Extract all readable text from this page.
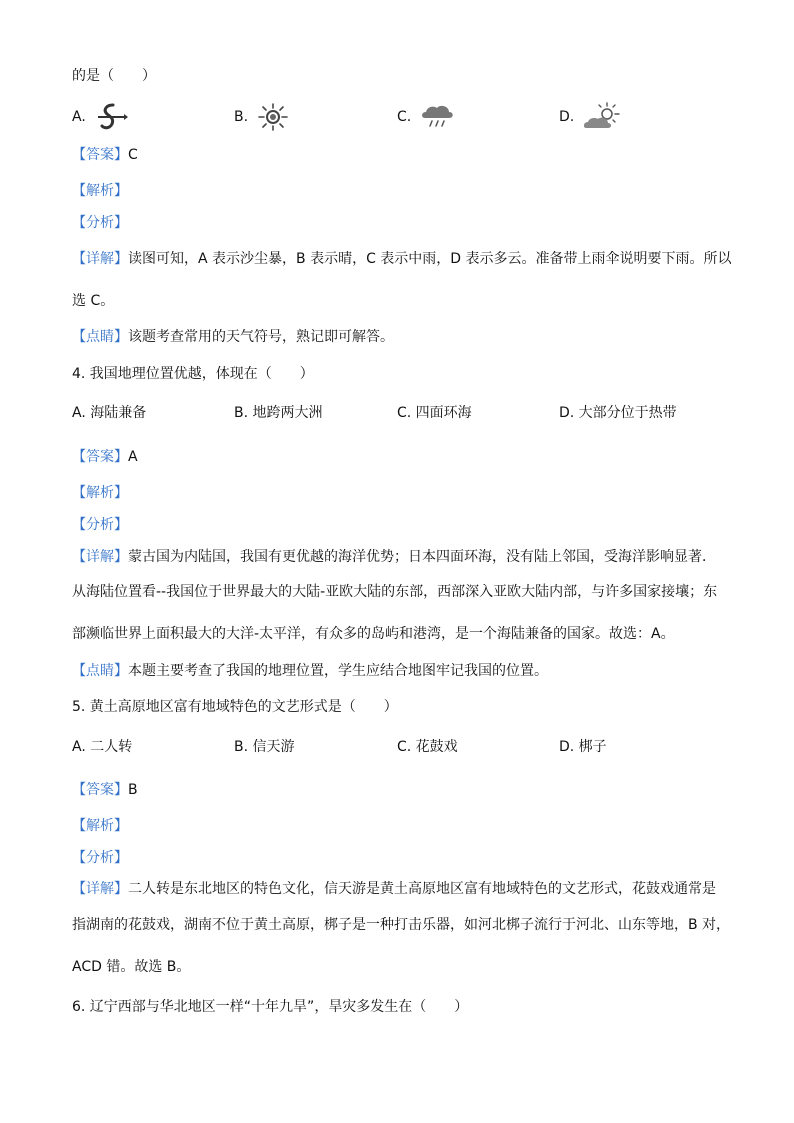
的是（　　）
A.	B.	C.	D.
【答案】C
【解析】
【分析】
【详解】读图可知，A 表示沙尘暴，B 表示晴，C 表示中雨，D 表示多云。准备带上雨伞说明要下雨。所以
选 C。
【点睛】该题考查常用的天气符号，熟记即可解答。
4. 我国地理位置优越，体现在（　　）
A. 海陆兼备	B. 地跨两大洲	C. 四面环海	D. 大部分位于热带
【答案】A
【解析】
【分析】
【详解】蒙古国为内陆国，我国有更优越的海洋优势；日本四面环海，没有陆上邻国，受海洋影响显著．
从海陆位置看--我国位于世界最大的大陆-亚欧大陆的东部，西部深入亚欧大陆内部，与许多国家接壤；东
部濒临世界上面积最大的大洋-太平洋，有众多的岛屿和港湾，是一个海陆兼备的国家。故选：A。
【点睛】本题主要考查了我国的地理位置，学生应结合地图牢记我国的位置。
5. 黄土高原地区富有地域特色的文艺形式是（　　）
A. 二人转	B. 信天游	C. 花鼓戏	D. 梆子
【答案】B
【解析】
【分析】
【详解】二人转是东北地区的特色文化，信天游是黄土高原地区富有地域特色的文艺形式，花鼓戏通常是
指湖南的花鼓戏，湖南不位于黄土高原，梆子是一种打击乐器，如河北梆子流行于河北、山东等地，B 对，
ACD 错。故选 B。
6. 辽宁西部与华北地区一样“十年九旱”，旱灾多发生在（　　）
